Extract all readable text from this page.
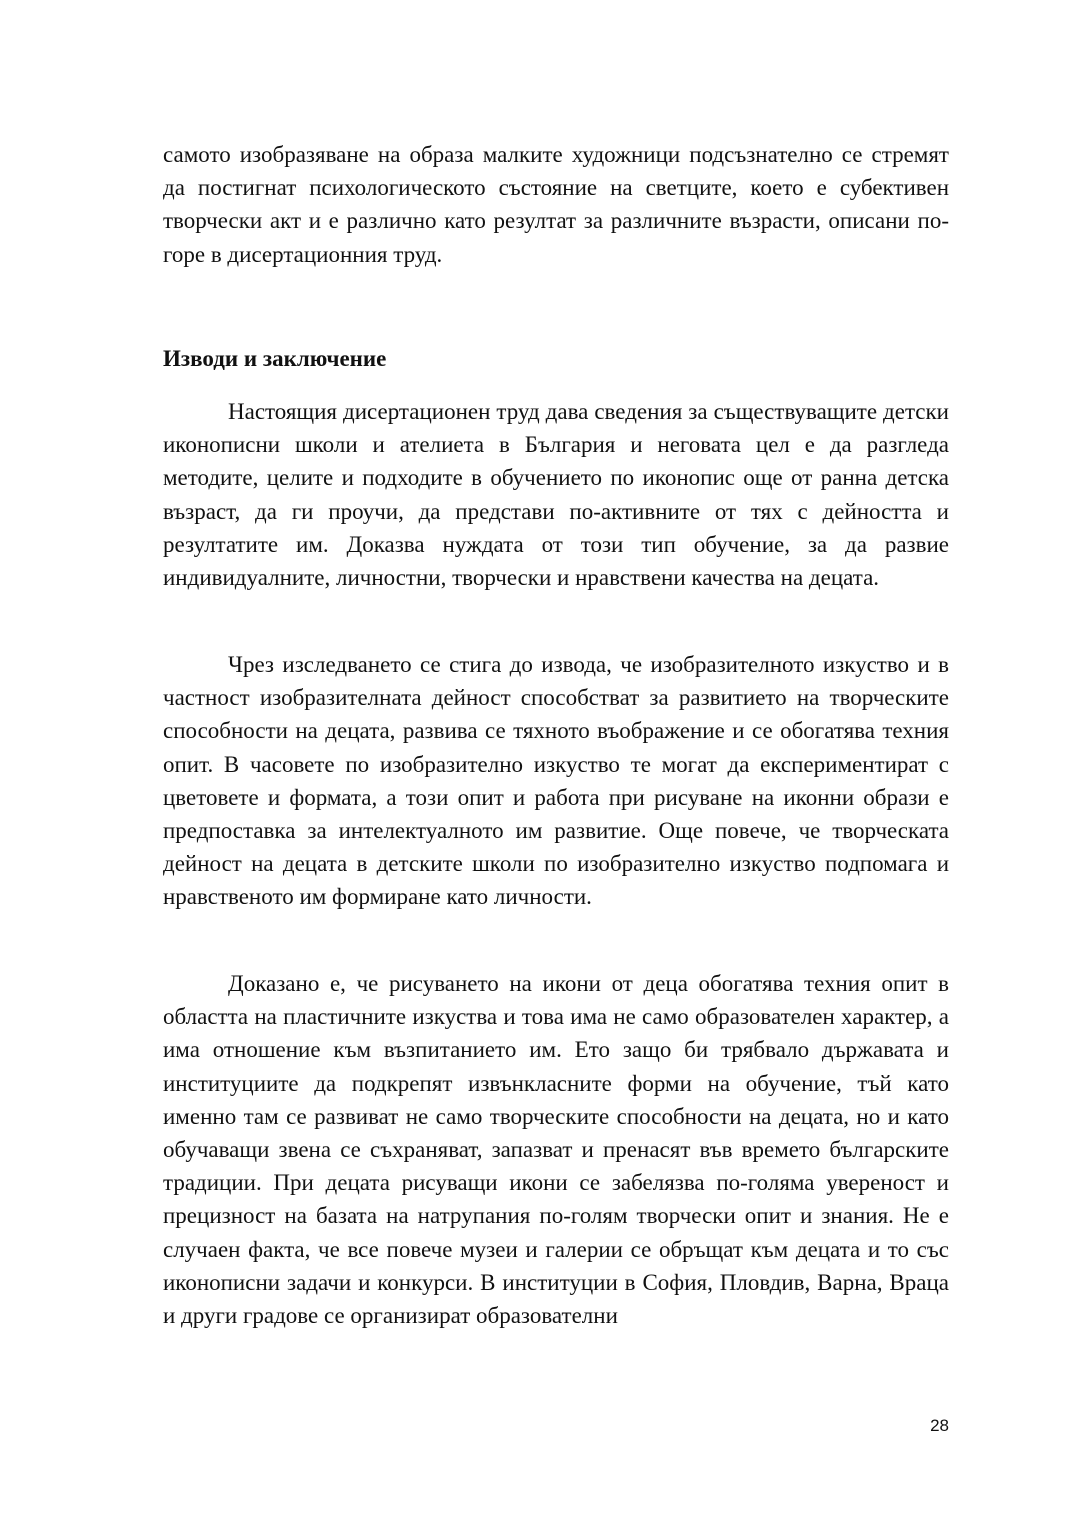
самото изобразяване на образа малките художници подсъзнателно се стремят да постигнат психологическото състояние на светците, което е субективен творчески акт и е различно като резултат за различните възрасти, описани по-горе в дисертационния труд.

Изводи и заключение

Настоящия дисертационен труд дава сведения за съществуващите детски иконописни школи и ателиета в България и неговата цел е да разгледа методите, целите и подходите в обучението по иконопис още от ранна детска възраст, да ги проучи, да представи по-активните от тях с дейността и резултатите им. Доказва нуждата от този тип обучение, за да развие индивидуалните, личностни, творчески и нравствени качества на децата.

Чрез изследването се стига до извода, че изобразителното изкуство и в частност изобразителната дейност способстват за развитието на творческите способности на децата, развива се тяхното въображение и се обогатява техния опит. В часовете по изобразително изкуство те могат да експериментират с цветовете и формата, а този опит и работа при рисуване на иконни образи е предпоставка за интелектуалното им развитие. Още повече, че творческата дейност на децата в детските школи по изобразително изкуство подпомага и нравственото им формиране като личности.

Доказано е, че рисуването на икони от деца обогатява техния опит в областта на пластичните изкуства и това има не само образователен характер, а има отношение към възпитанието им. Ето защо би трябвало държавата и институциите да подкрепят извънкласните форми на обучение, тъй като именно там се развиват не само творческите способности на децата, но и като обучаващи звена се съхраняват, запазват и пренасят във времето българските традиции. При децата рисуващи икони се забелязва по-голяма увереност и прецизност на базата на натрупания по-голям творчески опит и знания. Не е случаен факта, че все повече музеи и галерии се обръщат към децата и то със иконописни задачи и конкурси. В институции в София, Пловдив, Варна, Враца и други градове се организират образователни

28
